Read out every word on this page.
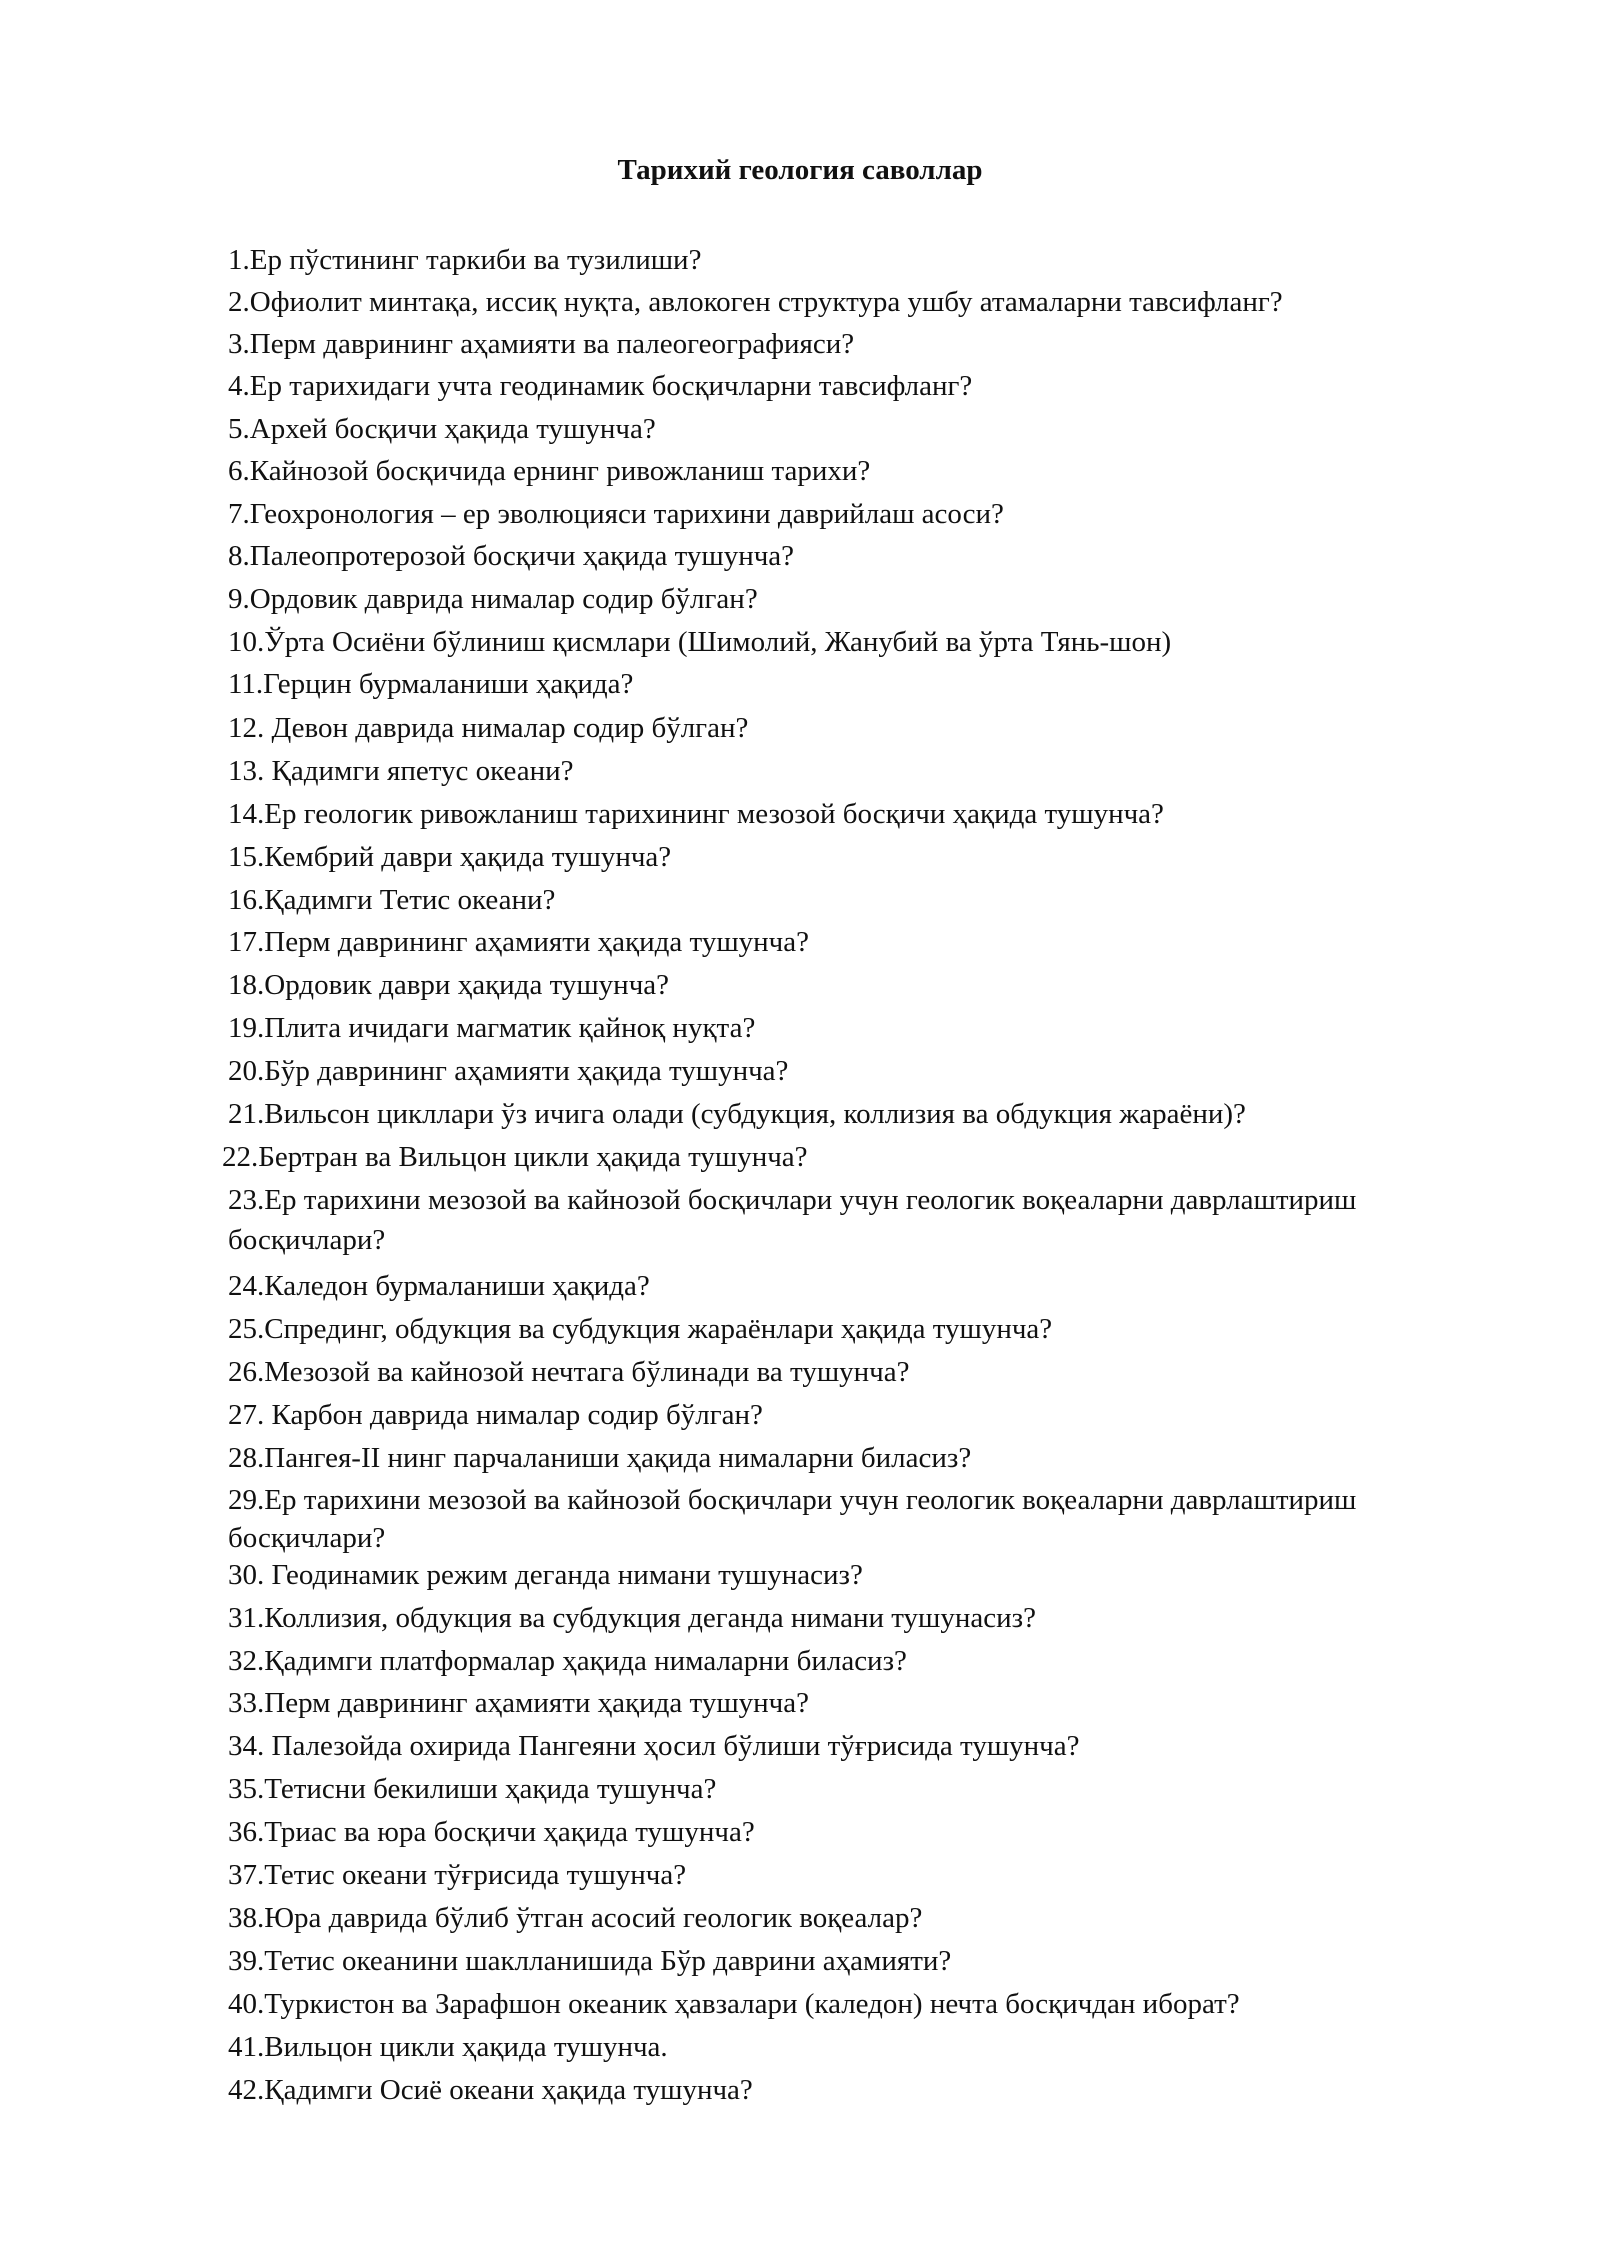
Тарихий геология саволлар

1.Ер пўстининг таркиби ва тузилиши?

2.Офиолит минтақа, иссиқ нуқта, авлокоген структура ушбу атамаларни тавсифланг?

3.Перм даврининг аҳамияти ва палеогеографияси?

4.Ер тарихидаги учта геодинамик босқичларни тавсифланг?

5.Архей босқичи ҳақида тушунча?

6.Кайнозой босқичида ернинг ривожланиш тарихи?

7.Геохронология – ер эволюцияси тарихини даврийлаш асоси?

8.Палеопротерозой босқичи ҳақида тушунча?

9.Ордовик даврида нималар содир бўлган?

10.Ўрта Осиёни бўлиниш қисмлари (Шимолий, Жанубий ва ўрта Тянь-шон)

11.Герцин бурмаланиши ҳақида?

12. Девон даврида нималар содир бўлган?

13. Қадимги япетус океани?

14.Ер геологик ривожланиш тарихининг мезозой босқичи ҳақида тушунча?

15.Кембрий даври ҳақида тушунча?

16.Қадимги Тетис океани?

17.Перм даврининг аҳамияти ҳақида тушунча?

18.Ордовик даври ҳақида тушунча?

19.Плита ичидаги магматик қайноқ нуқта?

20.Бўр даврининг аҳамияти ҳақида тушунча?

21.Вильсон цикллари ўз ичига олади (субдукция, коллизия ва обдукция жараёни)?

22.Бертран ва Вильцон цикли ҳақида тушунча?

23.Ер тарихини мезозой ва кайнозой босқичлари учун геологик воқеаларни даврлаштириш босқичлари?

24.Каледон бурмаланиши ҳақида?

25.Спрединг, обдукция ва субдукция жараёнлари ҳақида тушунча?

26.Мезозой ва кайнозой нечтага бўлинади ва тушунча?

27. Карбон даврида нималар содир бўлган?

28.Пангея-II нинг парчаланиши ҳақида нималарни биласиз?

29.Ер тарихини мезозой ва кайнозой босқичлари учун геологик воқеаларни даврлаштириш босқичлари?

30. Геодинамик режим деганда нимани тушунасиз?

31.Коллизия, обдукция ва субдукция деганда нимани тушунасиз?

32.Қадимги платформалар ҳақида нималарни биласиз?

33.Перм даврининг аҳамияти ҳақида тушунча?

34. Палезойда охирида Пангеяни ҳосил бўлиши тўғрисида тушунча?

35.Тетисни бекилиши ҳақида тушунча?

36.Триас ва юра босқичи ҳақида тушунча?

37.Тетис океани тўғрисида тушунча?

38.Юра даврида бўлиб ўтган асосий геологик воқеалар?

39.Тетис океанини шаклланишида Бўр даврини аҳамияти?

40.Туркистон ва Зарафшон океаник ҳавзалари (каледон) нечта босқичдан иборат?

41.Вильцон цикли ҳақида тушунча.

42.Қадимги Осиё океани ҳақида тушунча?
